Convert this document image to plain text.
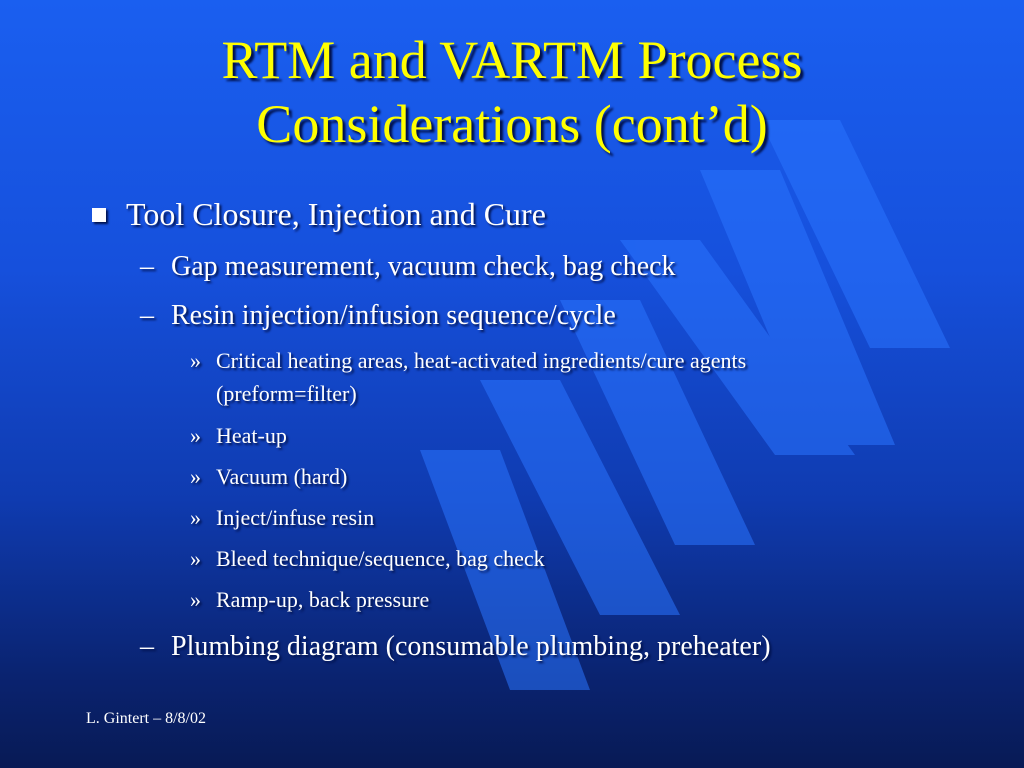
RTM and VARTM Process
Considerations (cont’d)
Tool Closure, Injection and Cure
– Gap measurement, vacuum check, bag check
– Resin injection/infusion sequence/cycle
» Critical heating areas, heat-activated ingredients/cure agents
(preform=filter)
» Heat-up
» Vacuum (hard)
» Inject/infuse resin
» Bleed technique/sequence, bag check
» Ramp-up, back pressure
– Plumbing diagram (consumable plumbing, preheater)
L. Gintert – 8/8/02
